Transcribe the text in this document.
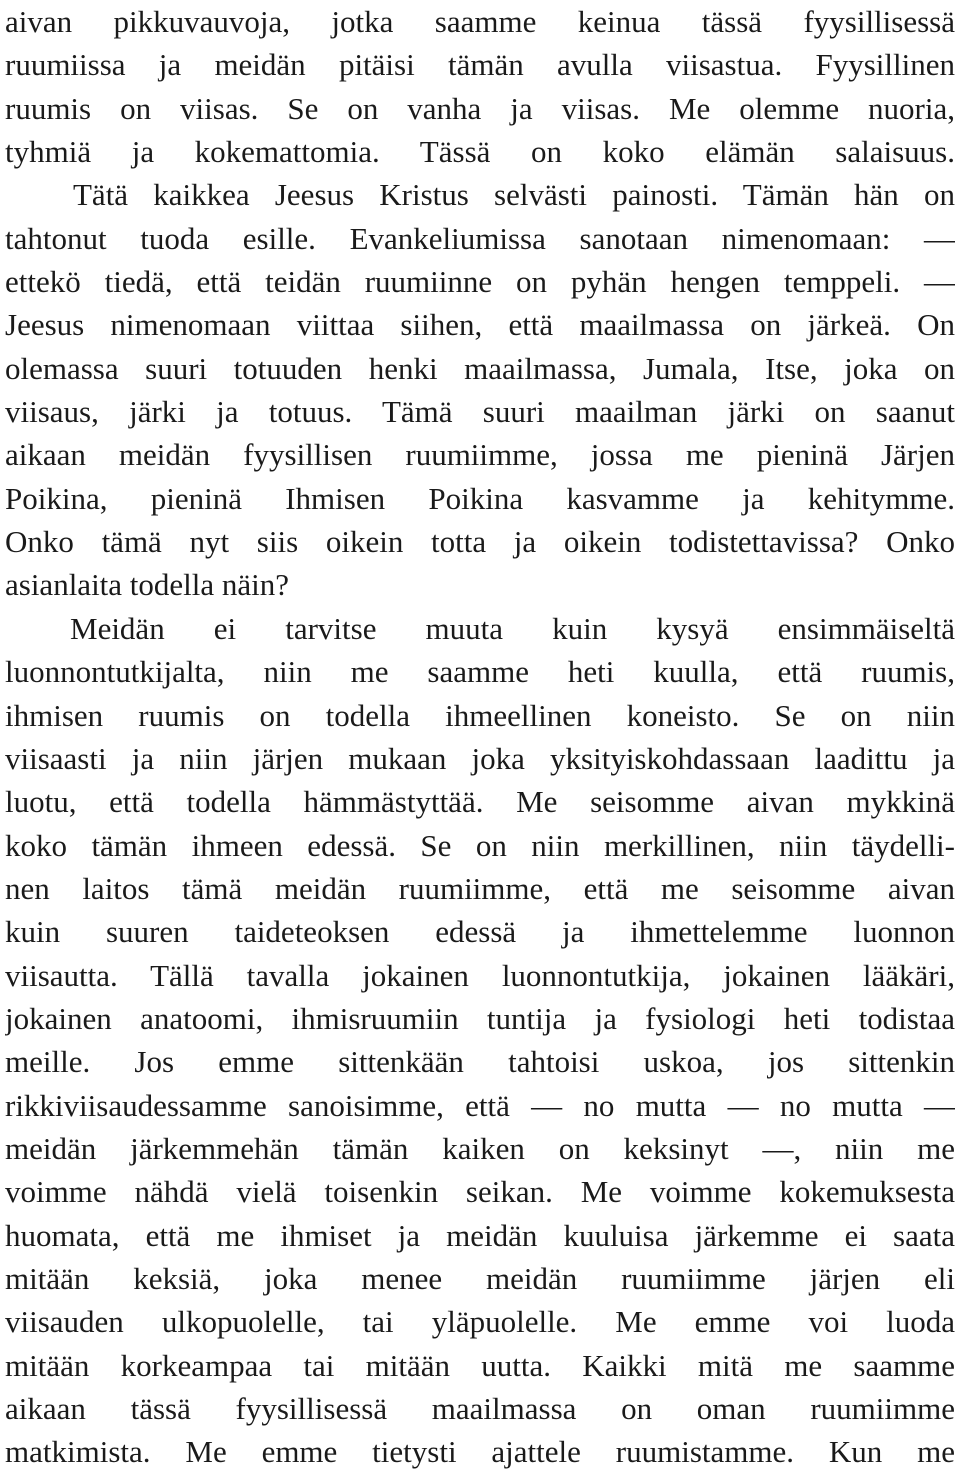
aivan pikkuvauvoja, jotka saamme keinua tässä fyysillisessä
ruumiissa ja meidän pitäisi tämän avulla viisastua. Fyysillinen
ruumis on viisas. Se on vanha ja viisas. Me olemme nuoria,
tyhmiä ja kokemattomia. Tässä on koko elämän salaisuus.
Tätä kaikkea Jeesus Kristus selvästi painosti. Tämän hän on
tahtonut tuoda esille. Evankeliumissa sanotaan nimenomaan: —
ettekö tiedä, että teidän ruumiinne on pyhän hengen temppeli. —
Jeesus nimenomaan viittaa siihen, että maailmassa on järkeä. On
olemassa suuri totuuden henki maailmassa, Jumala, Itse, joka on
viisaus, järki ja totuus. Tämä suuri maailman järki on saanut
aikaan meidän fyysillisen ruumiimme, jossa me pieninä Järjen
Poikina, pieninä Ihmisen Poikina kasvamme ja kehitymme.
Onko tämä nyt siis oikein totta ja oikein todistettavissa? Onko
asianlaita todella näin?
Meidän ei tarvitse muuta kuin kysyä ensimmäiseltä
luonnontutkijalta, niin me saamme heti kuulla, että ruumis,
ihmisen ruumis on todella ihmeellinen koneisto. Se on niin
viisaasti ja niin järjen mukaan joka yksityiskohdassaan laadittu ja
luotu, että todella hämmästyttää. Me seisomme aivan mykkinä
koko tämän ihmeen edessä. Se on niin merkillinen, niin täydelli-
nen laitos tämä meidän ruumiimme, että me seisomme aivan
kuin suuren taideteoksen edessä ja ihmettelemme luonnon
viisautta. Tällä tavalla jokainen luonnontutkija, jokainen lääkäri,
jokainen anatoomi, ihmisruumiin tuntija ja fysiologi heti todistaa
meille. Jos emme sittenkään tahtoisi uskoa, jos sittenkin
rikkiviisaudessamme sanoisimme, että — no mutta — no mutta —
meidän järkemmehän tämän kaiken on keksinyt —, niin me
voimme nähdä vielä toisenkin seikan. Me voimme kokemuksesta
huomata, että me ihmiset ja meidän kuuluisa järkemme ei saata
mitään keksiä, joka menee meidän ruumiimme järjen eli
viisauden ulkopuolelle, tai yläpuolelle. Me emme voi luoda
mitään korkeampaa tai mitään uutta. Kaikki mitä me saamme
aikaan tässä fyysillisessä maailmassa on oman ruumiimme
matkimista. Me emme tietysti ajattele ruumistamme. Kun me
